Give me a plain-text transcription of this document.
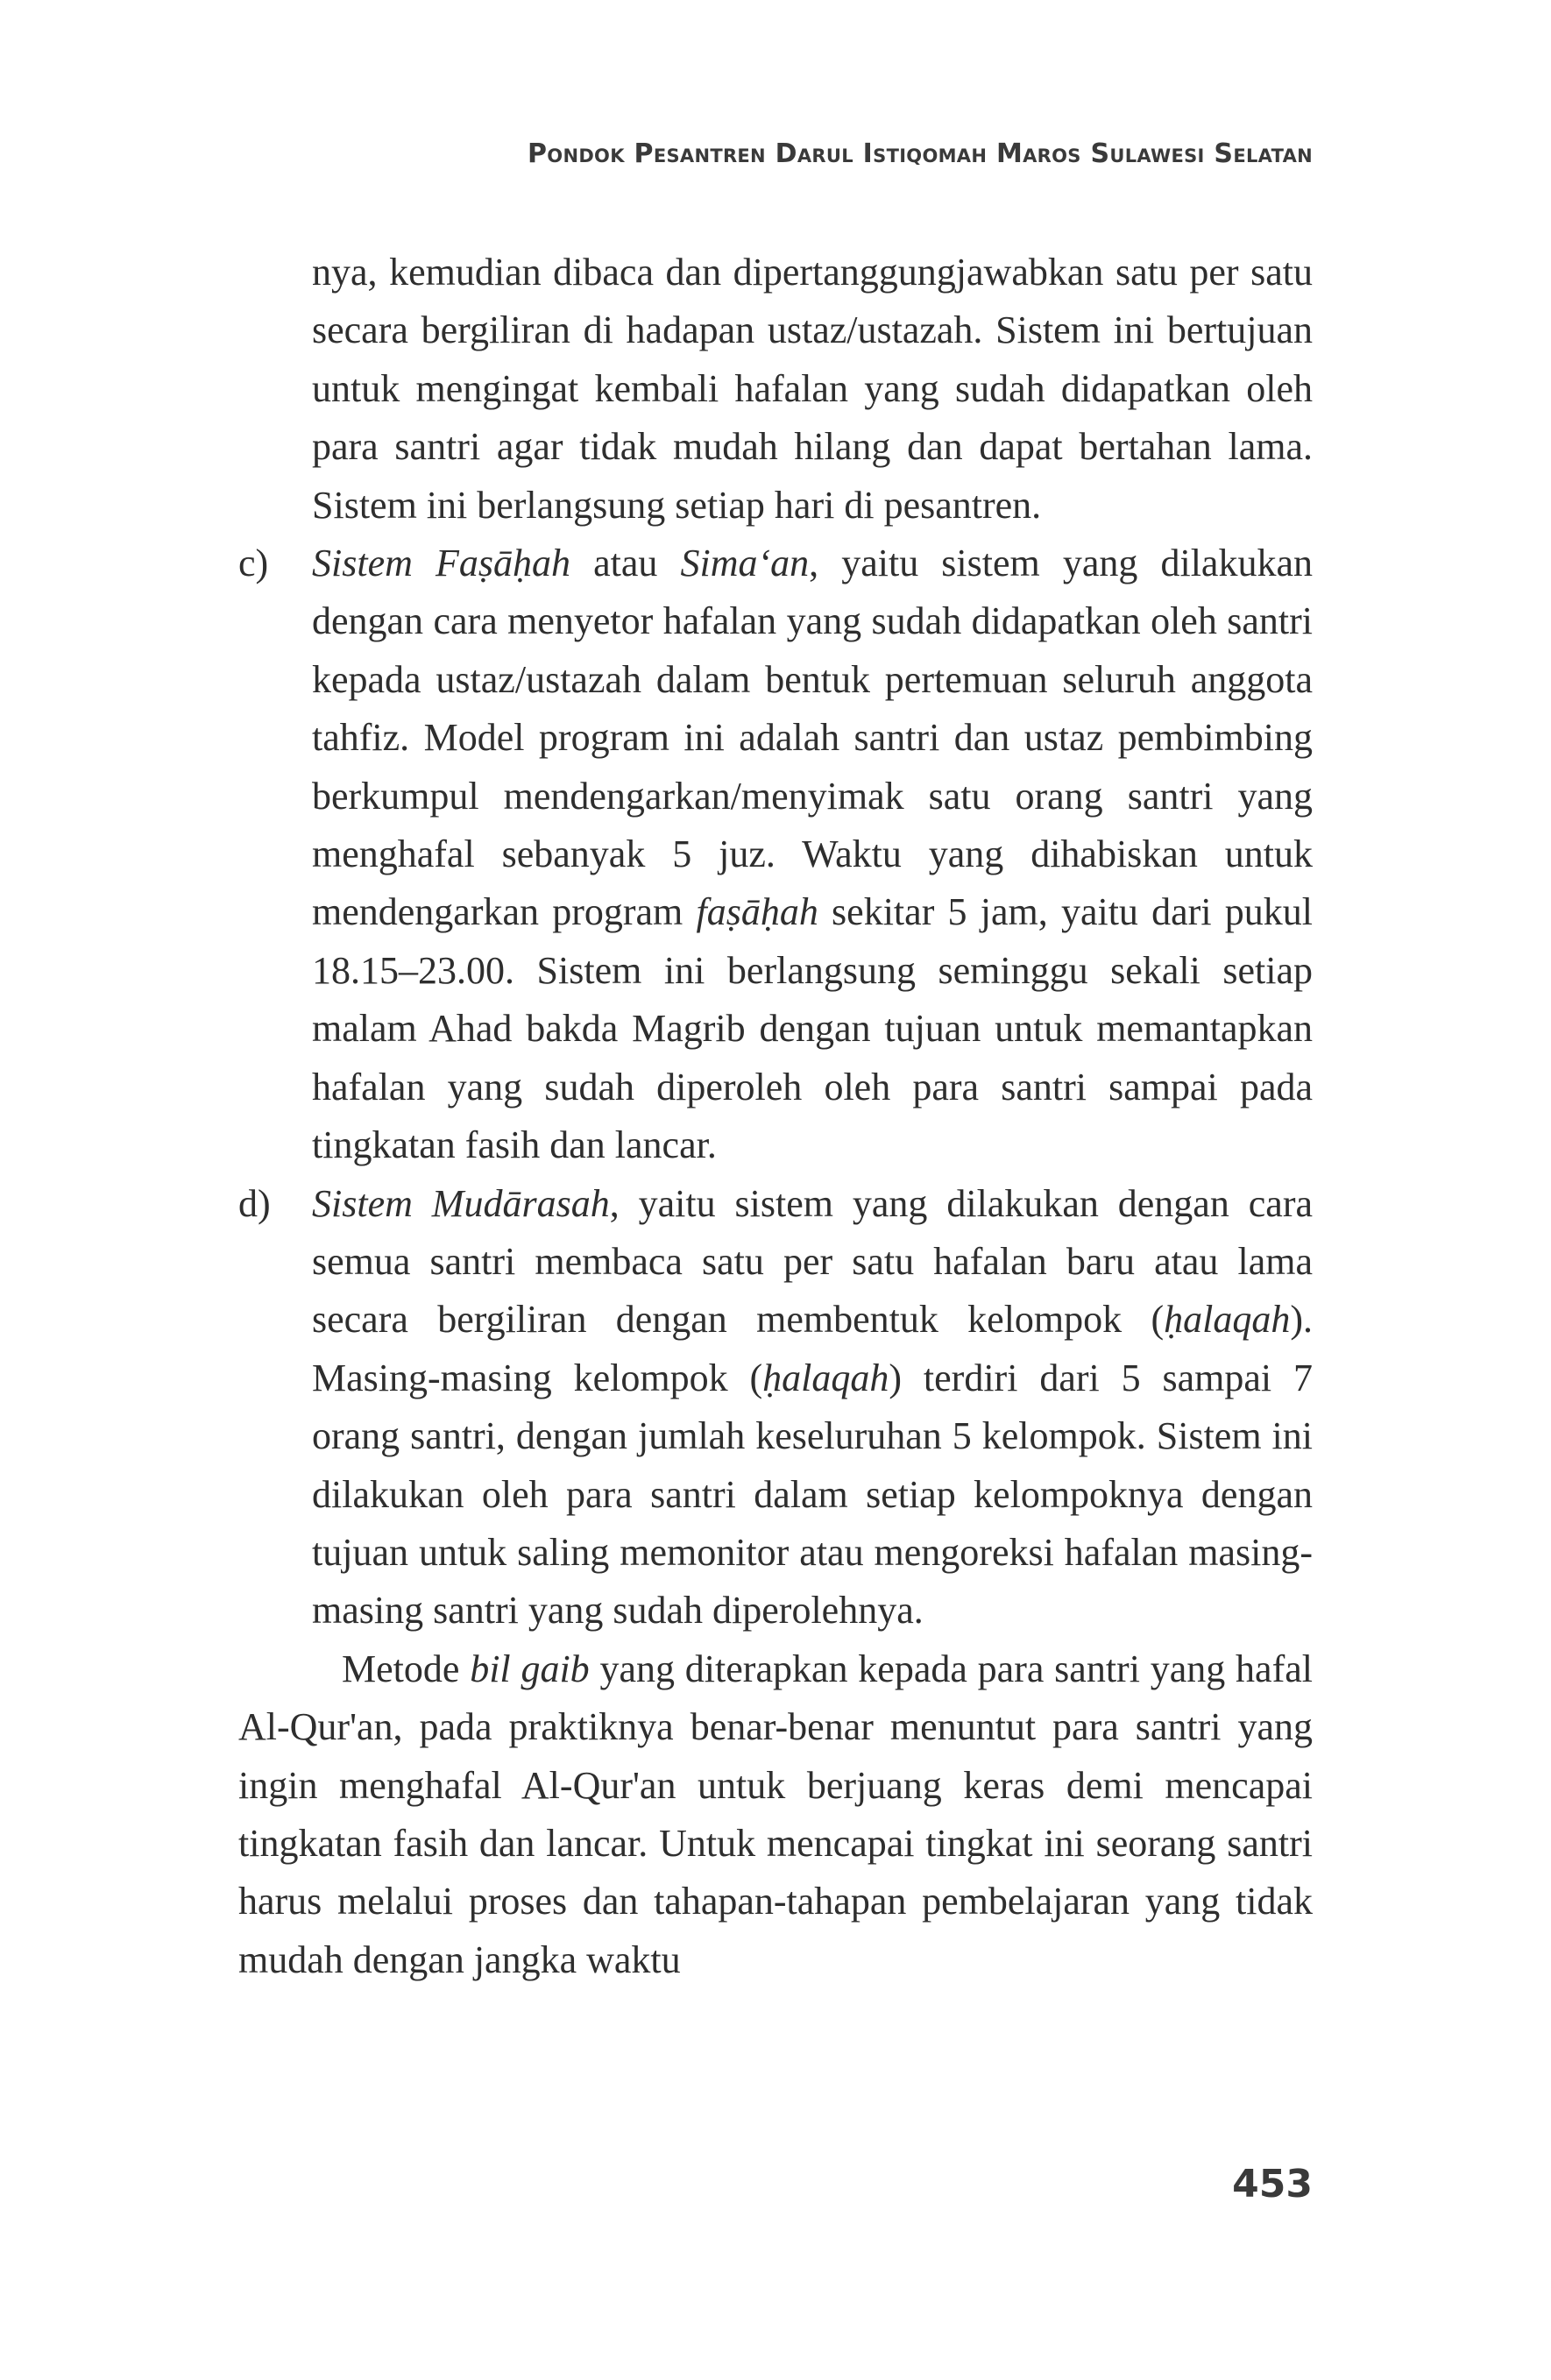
Pondok Pesantren Darul Istiqomah Maros Sulawesi Selatan

nya, kemudian dibaca dan dipertanggungjawabkan satu per satu secara bergiliran di hadapan ustaz/ustazah. Sistem ini bertujuan untuk mengingat kembali hafalan yang sudah didapatkan oleh para santri agar tidak mudah hilang dan dapat bertahan lama. Sistem ini berlangsung setiap hari di pesantren.

c) Sistem Faṣāḥah atau Sima‘an, yaitu sistem yang dilakukan dengan cara menyetor hafalan yang sudah didapatkan oleh santri kepada ustaz/ustazah dalam bentuk pertemuan seluruh anggota tahfiz. Model program ini adalah santri dan ustaz pembimbing berkumpul mendengarkan/menyimak satu orang santri yang menghafal sebanyak 5 juz. Waktu yang dihabiskan untuk mendengarkan program faṣāḥah sekitar 5 jam, yaitu dari pukul 18.15–23.00. Sistem ini berlangsung seminggu sekali setiap malam Ahad bakda Magrib dengan tujuan untuk memantapkan hafalan yang sudah diperoleh oleh para santri sampai pada tingkatan fasih dan lancar.

d) Sistem Mudārasah, yaitu sistem yang dilakukan dengan cara semua santri membaca satu per satu hafalan baru atau lama secara bergiliran dengan membentuk kelompok (ḥalaqah). Masing-masing kelompok (ḥalaqah) terdiri dari 5 sampai 7 orang santri, dengan jumlah keseluruhan 5 kelompok. Sistem ini dilakukan oleh para santri dalam setiap kelompoknya dengan tujuan untuk saling memonitor atau mengoreksi hafalan masing-masing santri yang sudah diperolehnya.

Metode bil gaib yang diterapkan kepada para santri yang hafal Al-Qur'an, pada praktiknya benar-benar menuntut para santri yang ingin menghafal Al-Qur'an untuk berjuang keras demi mencapai tingkatan fasih dan lancar. Untuk mencapai tingkat ini seorang santri harus melalui proses dan tahapan-tahapan pembelajaran yang tidak mudah dengan jangka waktu

453
